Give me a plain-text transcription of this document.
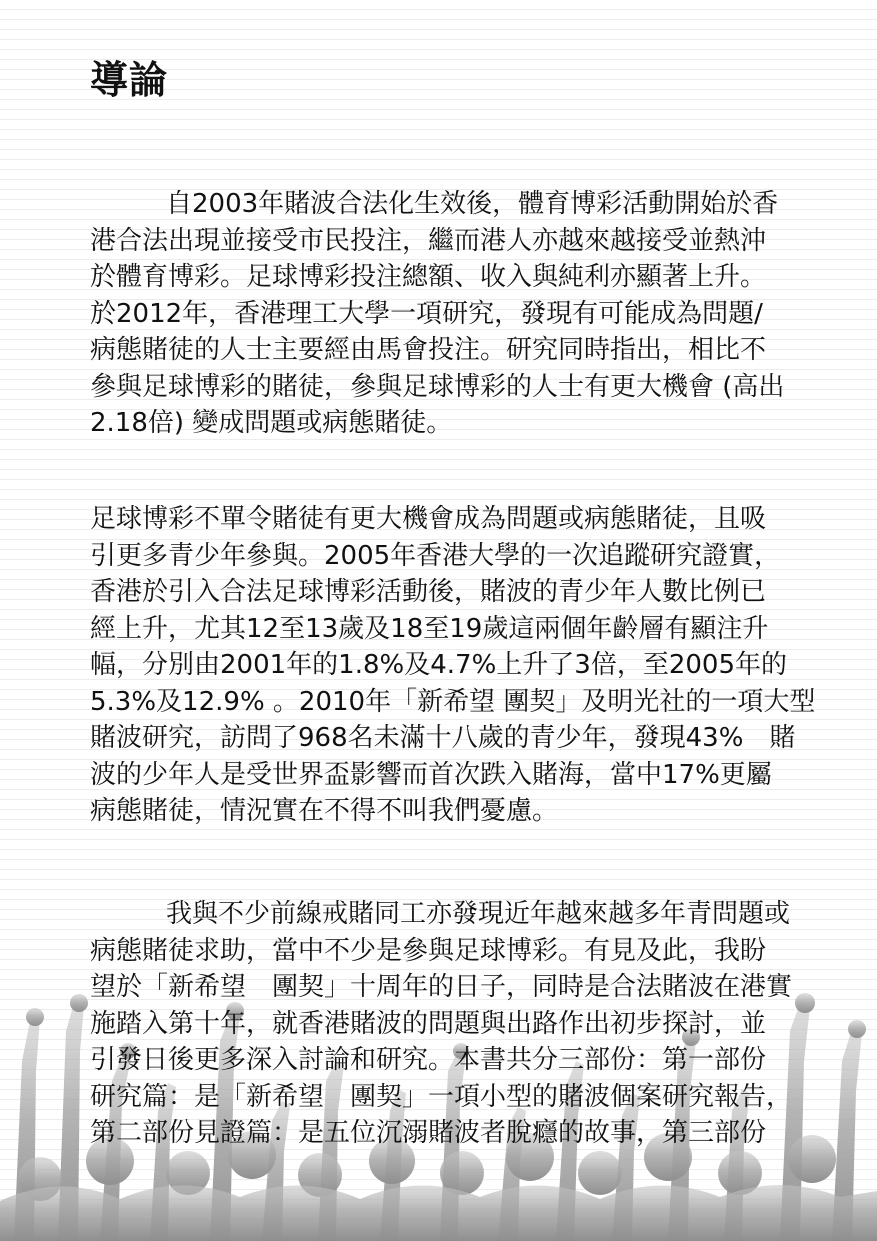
導論
自2003年賭波合法化生效後，體育博彩活動開始於香
港合法出現並接受市民投注，繼而港人亦越來越接受並熱沖
於體育博彩。足球博彩投注總額、收入與純利亦顯著上升。
於2012年，香港理工大學一項研究，發現有可能成為問題/
病態賭徒的人士主要經由馬會投注。研究同時指出，相比不
參與足球博彩的賭徒，參與足球博彩的人士有更大機會 (高出
2.18倍) 變成問題或病態賭徒。
足球博彩不單令賭徒有更大機會成為問題或病態賭徒，且吸
引更多青少年參與。2005年香港大學的一次追蹤研究證實，
香港於引入合法足球博彩活動後，賭波的青少年人數比例已
經上升，尤其12至13歲及18至19歲這兩個年齡層有顯注升
幅，分別由2001年的1.8%及4.7%上升了3倍，至2005年的
5.3%及12.9% 。2010年「新希望 團契」及明光社的一項大型
賭波研究，訪問了968名未滿十八歲的青少年，發現43%　賭
波的少年人是受世界盃影響而首次跌入賭海，當中17%更屬
病態賭徒，情況實在不得不叫我們憂慮。
我與不少前線戒賭同工亦發現近年越來越多年青問題或
病態賭徒求助，當中不少是參與足球博彩。有見及此，我盼
望於「新希望　團契」十周年的日子，同時是合法賭波在港實
施踏入第十年，就香港賭波的問題與出路作出初步探討，並
引發日後更多深入討論和研究。本書共分三部份：第一部份
研究篇：是「新希望　團契」一項小型的賭波個案研究報告，
第二部份見證篇：是五位沉溺賭波者脫癮的故事，第三部份
